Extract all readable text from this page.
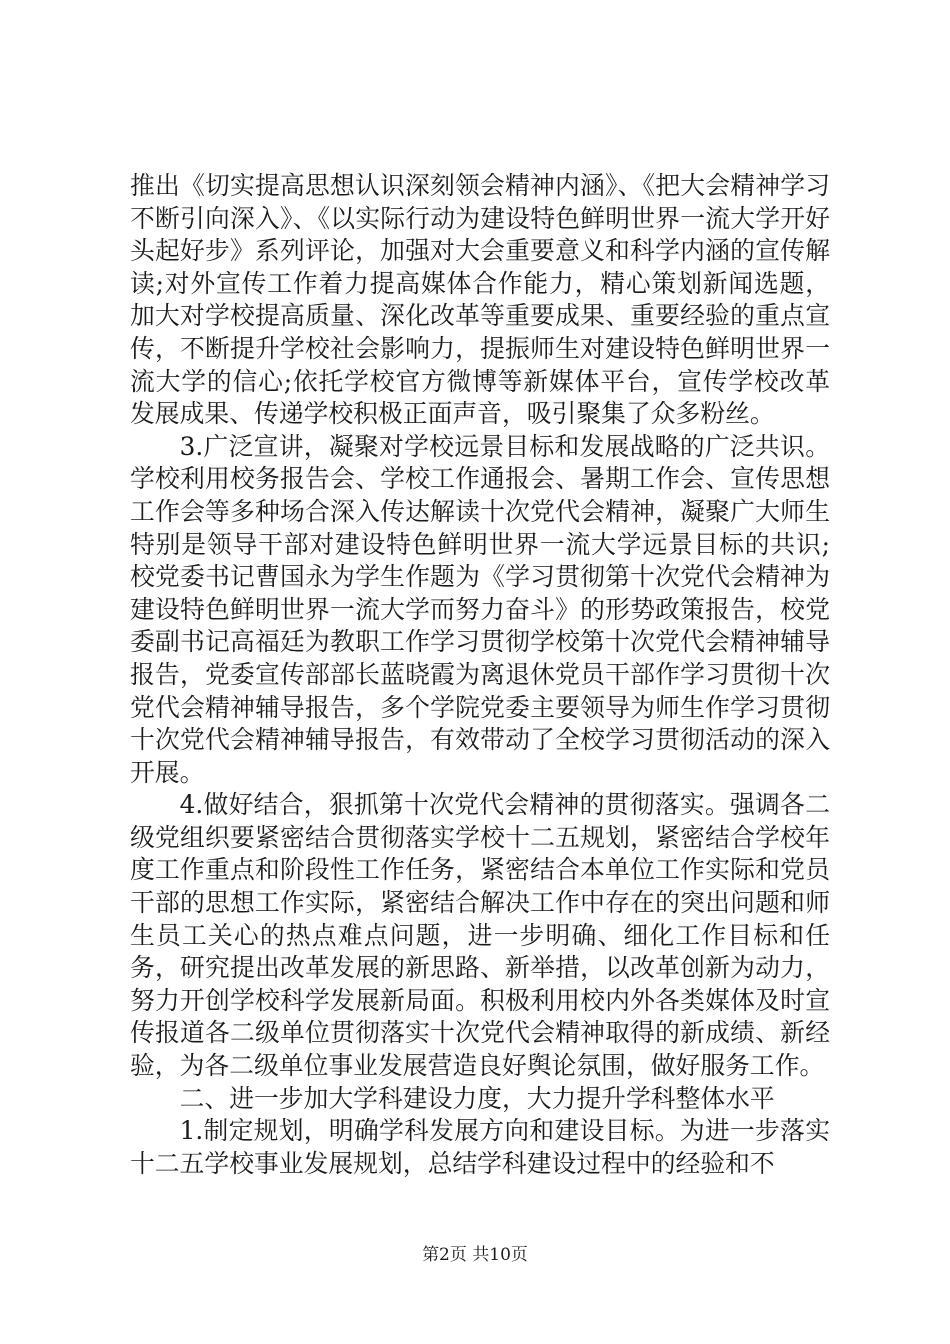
推出《切实提高思想认识深刻领会精神内涵》、《把大会精神学习不断引向深入》、《以实际行动为建设特色鲜明世界一流大学开好头起好步》系列评论，加强对大会重要意义和科学内涵的宣传解读;对外宣传工作着力提高媒体合作能力，精心策划新闻选题，加大对学校提高质量、深化改革等重要成果、重要经验的重点宣传，不断提升学校社会影响力，提振师生对建设特色鲜明世界一流大学的信心;依托学校官方微博等新媒体平台，宣传学校改革发展成果、传递学校积极正面声音，吸引聚集了众多粉丝。

3.广泛宣讲，凝聚对学校远景目标和发展战略的广泛共识。学校利用校务报告会、学校工作通报会、暑期工作会、宣传思想工作会等多种场合深入传达解读十次党代会精神，凝聚广大师生特别是领导干部对建设特色鲜明世界一流大学远景目标的共识;校党委书记曹国永为学生作题为《学习贯彻第十次党代会精神为建设特色鲜明世界一流大学而努力奋斗》的形势政策报告，校党委副书记高福廷为教职工作学习贯彻学校第十次党代会精神辅导报告，党委宣传部部长蓝晓霞为离退休党员干部作学习贯彻十次党代会精神辅导报告，多个学院党委主要领导为师生作学习贯彻十次党代会精神辅导报告，有效带动了全校学习贯彻活动的深入开展。

4.做好结合，狠抓第十次党代会精神的贯彻落实。强调各二级党组织要紧密结合贯彻落实学校十二五规划，紧密结合学校年度工作重点和阶段性工作任务，紧密结合本单位工作实际和党员干部的思想工作实际，紧密结合解决工作中存在的突出问题和师生员工关心的热点难点问题，进一步明确、细化工作目标和任务，研究提出改革发展的新思路、新举措，以改革创新为动力，努力开创学校科学发展新局面。积极利用校内外各类媒体及时宣传报道各二级单位贯彻落实十次党代会精神取得的新成绩、新经验，为各二级单位事业发展营造良好舆论氛围，做好服务工作。

二、进一步加大学科建设力度，大力提升学科整体水平

1.制定规划，明确学科发展方向和建设目标。为进一步落实十二五学校事业发展规划，总结学科建设过程中的经验和不

第2页 共10页
